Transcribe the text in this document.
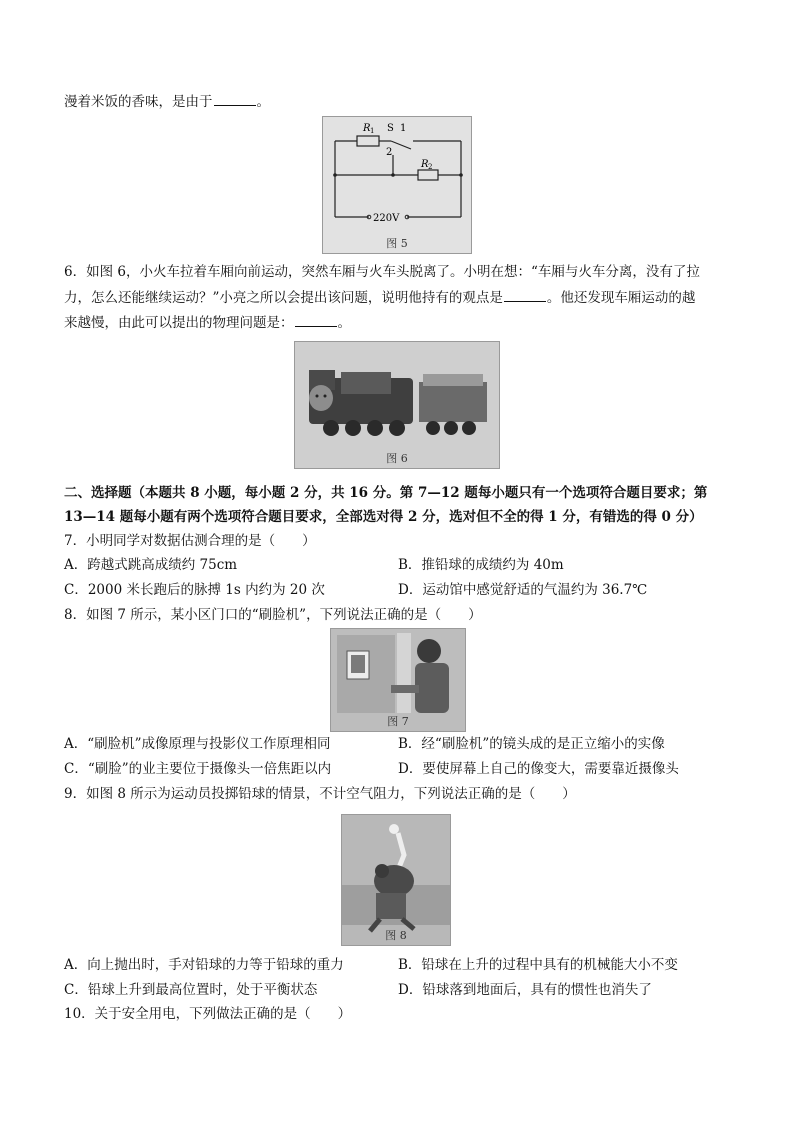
漫着米饭的香味，是由于	。
R 1 S 1
2
R 2
220V
图 5
6．如图 6，小火车拉着车厢向前运动，突然车厢与火车头脱离了。小明在想：“车厢与火车分离，没有了拉
力，怎么还能继续运动？”小亮之所以会提出该问题，说明他持有的观点是	。他还发现车厢运动的越
来越慢，由此可以提出的物理问题是：	。
图 6
二、选择题（本题共 8 小题，每小题 2 分，共 16 分。第 7—12 题每小题只有一个选项符合题目要求；第
13—14 题每小题有两个选项符合题目要求，全部选对得 2 分，选对但不全的得 1 分，有错选的得 0 分）
7．小明同学对数据估测合理的是（　　）
A．跨越式跳高成绩约 75cm	B．推铅球的成绩约为 40m
C．2000 米长跑后的脉搏 1s 内约为 20 次	D．运动馆中感觉舒适的气温约为 36.7℃
8．如图 7 所示，某小区门口的“刷脸机”，下列说法正确的是（　　）
图 7
A．“刷脸机”成像原理与投影仪工作原理相同	B．经“刷脸机”的镜头成的是正立缩小的实像
C．“刷脸”的业主要位于摄像头一倍焦距以内	D．要使屏幕上自己的像变大，需要靠近摄像头
9．如图 8 所示为运动员投掷铅球的情景，不计空气阻力，下列说法正确的是（　　）
图 8
A．向上抛出时，手对铅球的力等于铅球的重力	B．铅球在上升的过程中具有的机械能大小不变
C．铅球上升到最高位置时，处于平衡状态	D．铅球落到地面后，具有的惯性也消失了
10．关于安全用电，下列做法正确的是（　　）
